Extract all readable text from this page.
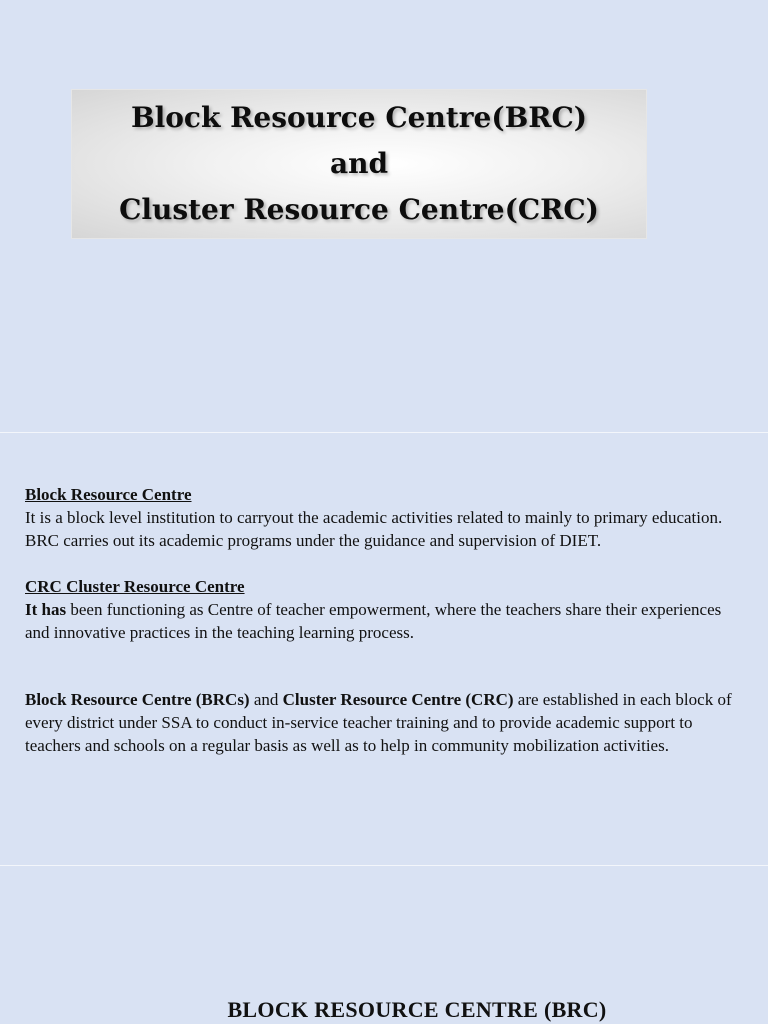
Block Resource Centre(BRC)
and
Cluster Resource Centre(CRC)

Block Resource Centre
It is a block level institution to carryout the academic activities related to mainly to primary education. BRC carries out its academic programs under the guidance and supervision of DIET.

CRC Cluster Resource Centre
It has been functioning as Centre of teacher empowerment, where the teachers share their experiences and innovative practices in the teaching learning process.

Block Resource Centre (BRCs) and Cluster Resource Centre (CRC) are established in each block of every district under SSA to conduct in-service teacher training and to provide academic support to teachers and schools on a regular basis as well as to help in community mobilization activities.

BLOCK RESOURCE CENTRE (BRC)
